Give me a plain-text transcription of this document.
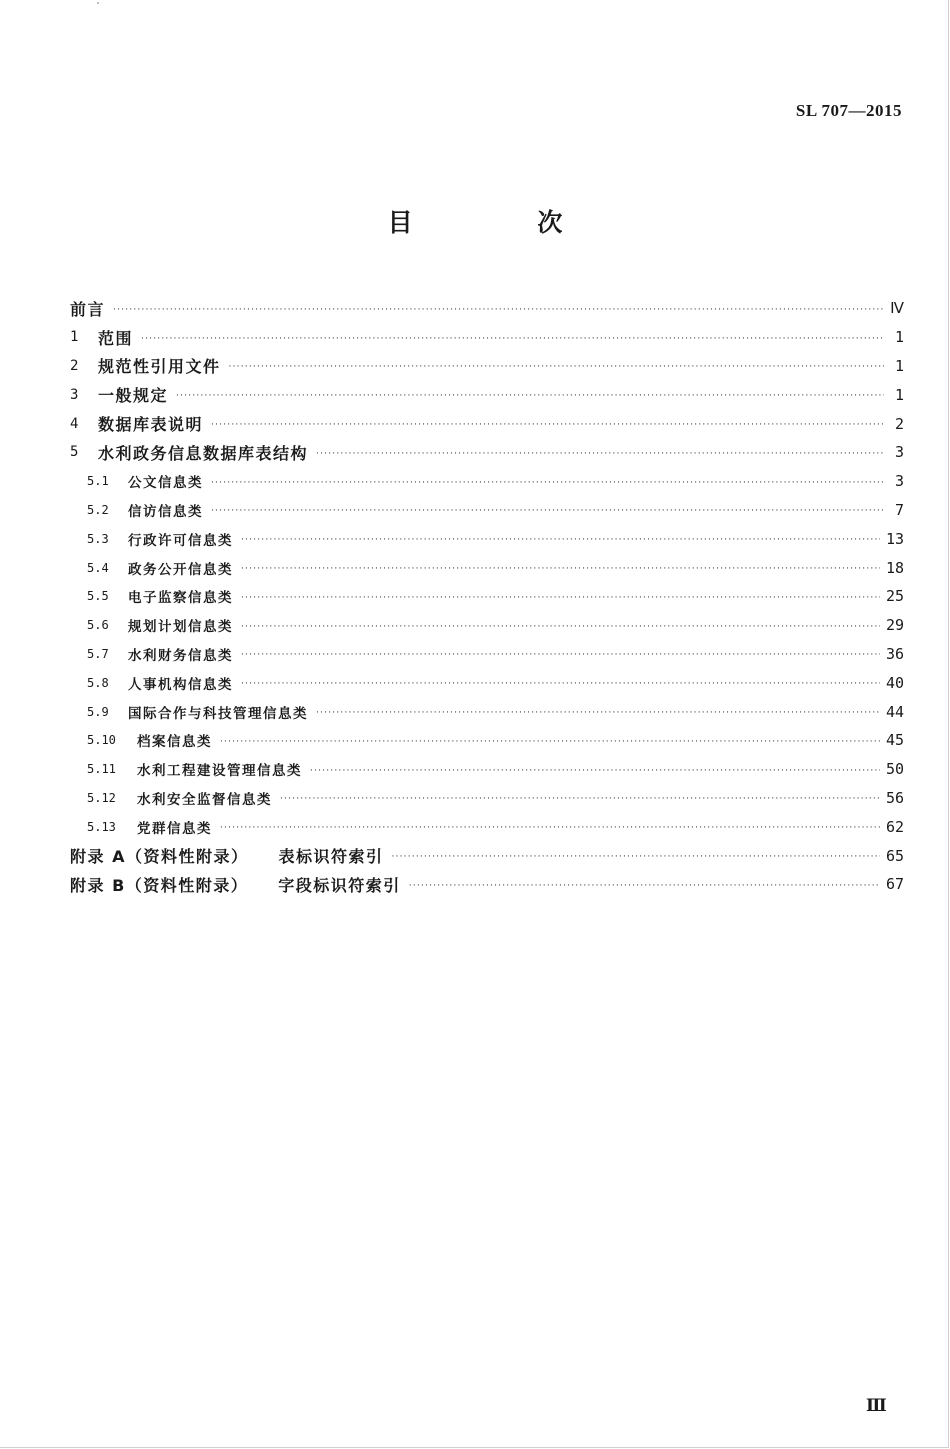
SL 707—2015
目 次
前言 ·····	Ⅳ
1	范围 ·····	1
2	规范性引用文件 ·····	1
3	一般规定 ·····	1
4	数据库表说明 ·····	2
5	水利政务信息数据库表结构 ·····	3
5.1	公文信息类 ·····	3
5.2	信访信息类 ·····	7
5.3	行政许可信息类 ·····	13
5.4	政务公开信息类 ·····	18
5.5	电子监察信息类 ·····	25
5.6	规划计划信息类 ·····	29
5.7	水利财务信息类 ·····	36
5.8	人事机构信息类 ·····	40
5.9	国际合作与科技管理信息类 ·····	44
5.10	档案信息类 ·····	45
5.11	水利工程建设管理信息类 ·····	50
5.12	水利安全监督信息类 ·····	56
5.13	党群信息类 ·····	62
附录 A（资料性附录） 表标识符索引 ·····	65
附录 B（资料性附录） 字段标识符索引 ·····	67
Ⅲ
